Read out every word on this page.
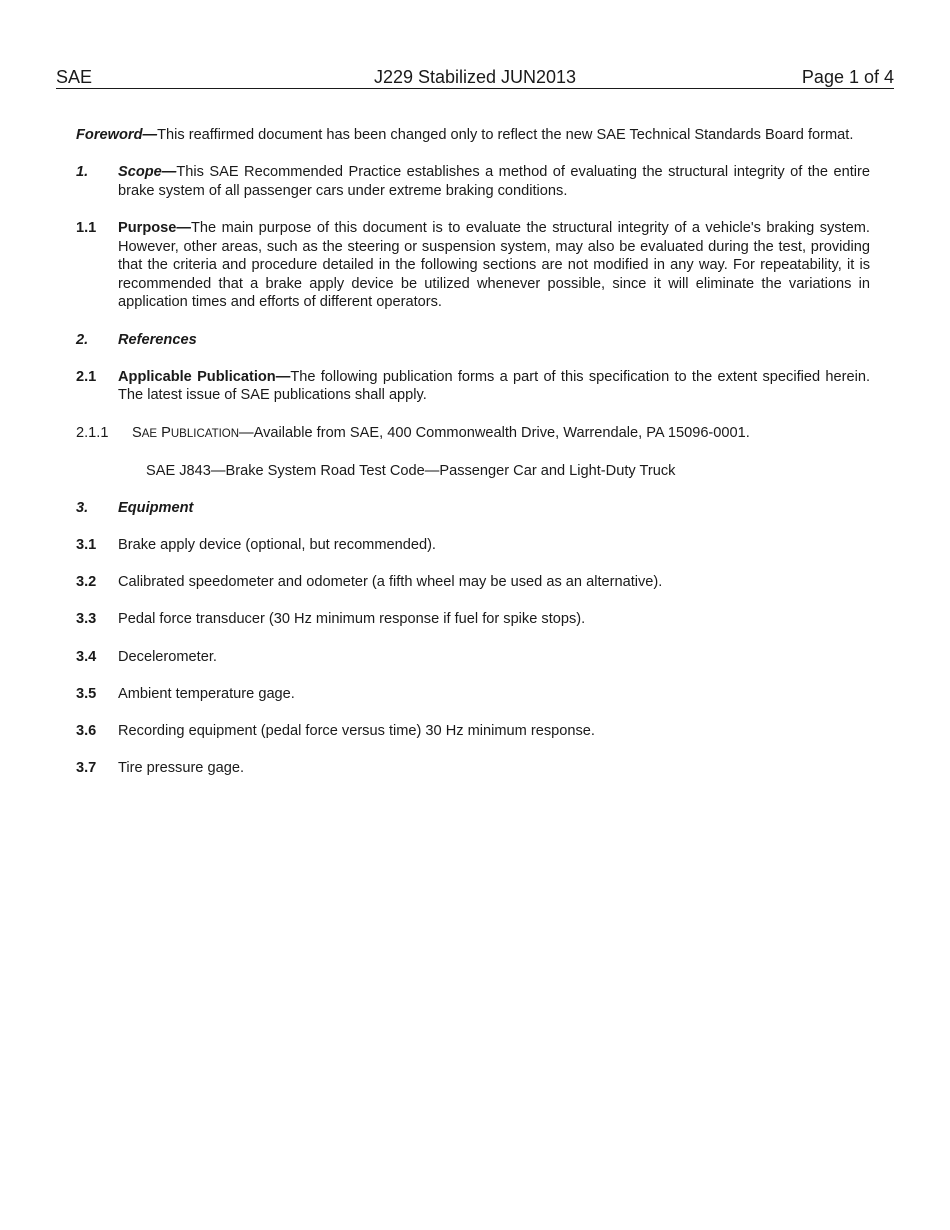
SAE	J229 Stabilized JUN2013	Page 1 of 4

Foreword—This reaffirmed document has been changed only to reflect the new SAE Technical Standards Board format.

1.	Scope—This SAE Recommended Practice establishes a method of evaluating the structural integrity of the entire brake system of all passenger cars under extreme braking conditions.
1.1	Purpose—The main purpose of this document is to evaluate the structural integrity of a vehicle's braking system. However, other areas, such as the steering or suspension system, may also be evaluated during the test, providing that the criteria and procedure detailed in the following sections are not modified in any way. For repeatability, it is recommended that a brake apply device be utilized whenever possible, since it will eliminate the variations in application times and efforts of different operators.
2.	References
2.1	Applicable Publication—The following publication forms a part of this specification to the extent specified herein. The latest issue of SAE publications shall apply.
2.1.1	SAE PUBLICATION—Available from SAE, 400 Commonwealth Drive, Warrendale, PA 15096-0001.
SAE J843—Brake System Road Test Code—Passenger Car and Light-Duty Truck
3.	Equipment
3.1	Brake apply device (optional, but recommended).
3.2	Calibrated speedometer and odometer (a fifth wheel may be used as an alternative).
3.3	Pedal force transducer (30 Hz minimum response if fuel for spike stops).
3.4	Decelerometer.
3.5	Ambient temperature gage.
3.6	Recording equipment (pedal force versus time) 30 Hz minimum response.
3.7	Tire pressure gage.
